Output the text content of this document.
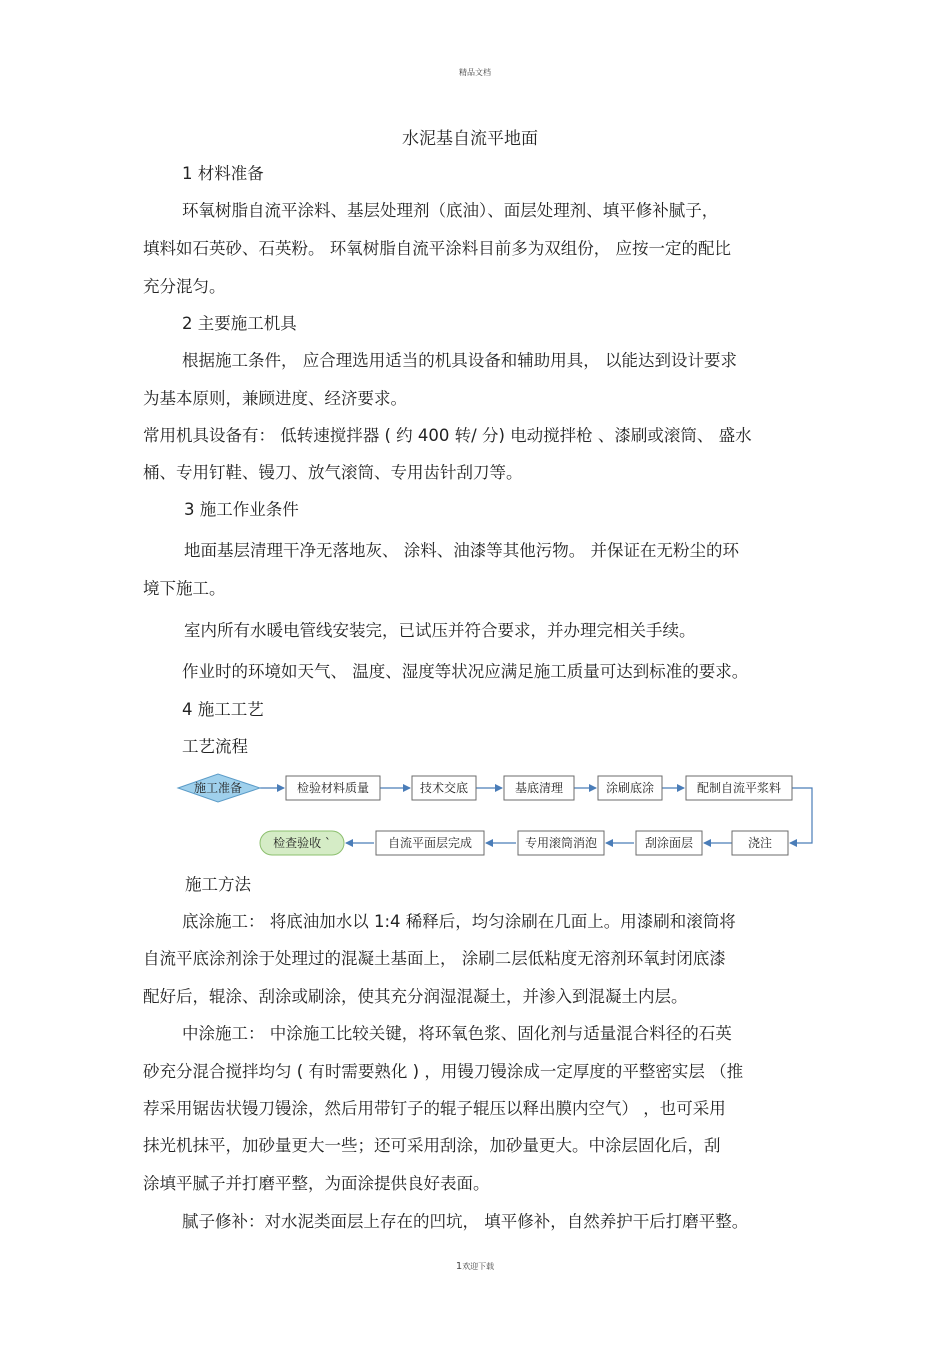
精品文档
水泥基自流平地面
1 材料准备
环氧树脂自流平涂料、基层处理剂（底油）、面层处理剂、填平修补腻子，
填料如石英砂、石英粉。 环氧树脂自流平涂料目前多为双组份， 应按一定的配比
充分混匀。
2 主要施工机具
根据施工条件， 应合理选用适当的机具设备和辅助用具， 以能达到设计要求
为基本原则，兼顾进度、经济要求。
常用机具设备有： 低转速搅拌器 ( 约 400 转/ 分) 电动搅拌枪 、漆刷或滚筒、 盛水
桶、专用钉鞋、镘刀、放气滚筒、专用齿针刮刀等。
3 施工作业条件
地面基层清理干净无落地灰、 涂料、油漆等其他污物。 并保证在无粉尘的环
境下施工。
室内所有水暖电管线安装完，已试压并符合要求，并办理完相关手续。
作业时的环境如天气、 温度、湿度等状况应满足施工质量可达到标准的要求。
4 施工工艺
工艺流程
施工准备	检验材料质量	技术交底	基底清理	涂刷底涂	配制自流平浆料
浇注
刮涂面层
专用滚筒消泡
自流平面层完成
检查验收 `
施工方法
底涂施工： 将底油加水以 1:4 稀释后，均匀涂刷在几面上。用漆刷和滚筒将
自流平底涂剂涂于处理过的混凝土基面上， 涂刷二层低粘度无溶剂环氧封闭底漆
配好后，辊涂、刮涂或刷涂，使其充分润湿混凝土，并渗入到混凝土内层。
中涂施工： 中涂施工比较关键，将环氧色浆、固化剂与适量混合料径的石英
砂充分混合搅拌均匀 ( 有时需要熟化 ) ，用镘刀镘涂成一定厚度的平整密实层 （推
荐采用锯齿状镘刀镘涂，然后用带钉子的辊子辊压以释出膜内空气） ，也可采用
抹光机抹平，加砂量更大一些；还可采用刮涂，加砂量更大。中涂层固化后，刮
涂填平腻子并打磨平整，为面涂提供良好表面。
腻子修补：对水泥类面层上存在的凹坑， 填平修补，自然养护干后打磨平整。
1欢迎下载
